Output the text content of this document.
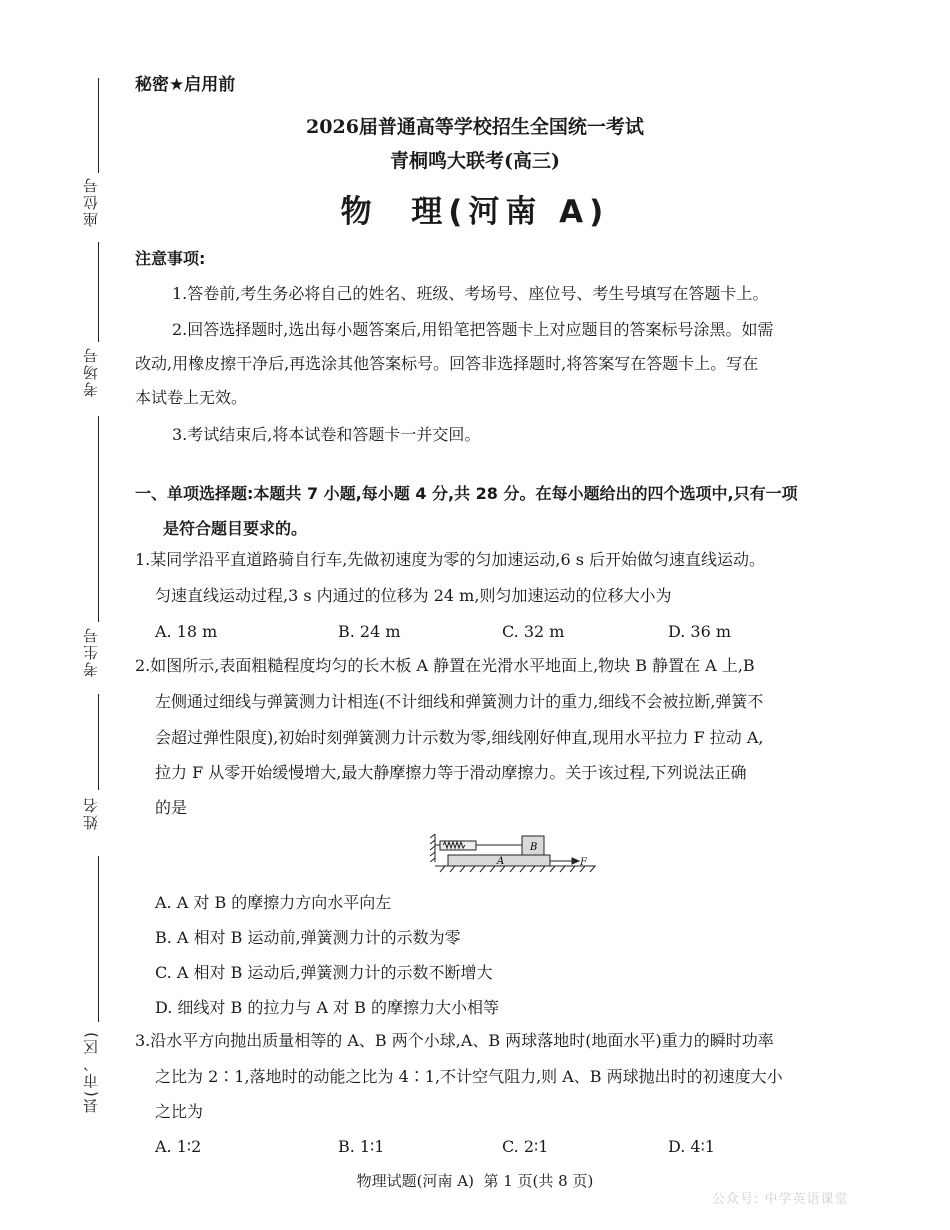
座位号
考场号
考生号
姓名
县(市、区)
秘密★启用前
2026届普通高等学校招生全国统一考试
青桐鸣大联考(高三)
物  理(河南 A)
注意事项:
1.答卷前,考生务必将自己的姓名、班级、考场号、座位号、考生号填写在答题卡上。
2.回答选择题时,选出每小题答案后,用铅笔把答题卡上对应题目的答案标号涂黑。如需
改动,用橡皮擦干净后,再选涂其他答案标号。回答非选择题时,将答案写在答题卡上。写在
本试卷上无效。
3.考试结束后,将本试卷和答题卡一并交回。
一、单项选择题:本题共 7 小题,每小题 4 分,共 28 分。在每小题给出的四个选项中,只有一项
是符合题目要求的。
1.某同学沿平直道路骑自行车,先做初速度为零的匀加速运动,6 s 后开始做匀速直线运动。
匀速直线运动过程,3 s 内通过的位移为 24 m,则匀加速运动的位移大小为
A. 18 m	B. 24 m	C. 32 m	D. 36 m
2.如图所示,表面粗糙程度均匀的长木板 A 静置在光滑水平地面上,物块 B 静置在 A 上,B
左侧通过细线与弹簧测力计相连(不计细线和弹簧测力计的重力,细线不会被拉断,弹簧不
会超过弹性限度),初始时刻弹簧测力计示数为零,细线刚好伸直,现用水平拉力 F 拉动 A,
拉力 F 从零开始缓慢增大,最大静摩擦力等于滑动摩擦力。关于该过程,下列说法正确
的是
B
A	F
A. A 对 B 的摩擦力方向水平向左
B. A 相对 B 运动前,弹簧测力计的示数为零
C. A 相对 B 运动后,弹簧测力计的示数不断增大
D. 细线对 B 的拉力与 A 对 B 的摩擦力大小相等
3.沿水平方向抛出质量相等的 A、B 两个小球,A、B 两球落地时(地面水平)重力的瞬时功率
之比为 2∶1,落地时的动能之比为 4∶1,不计空气阻力,则 A、B 两球抛出时的初速度大小
之比为
A. 1∶2	B. 1∶1	C. 2∶1	D. 4∶1
物理试题(河南 A)  第 1 页(共 8 页)
公众号: 中学英语课堂
